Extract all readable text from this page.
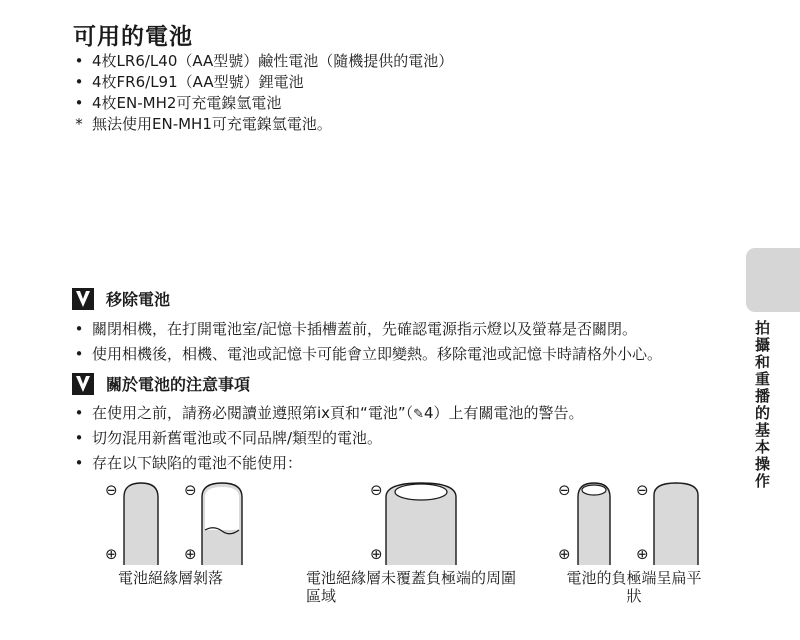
可用的電池
• 4枚LR6/L40（AA型號）鹼性電池（隨機提供的電池）
• 4枚FR6/L91（AA型號）鋰電池
• 4枚EN-MH2可充電鎳氫電池
* 無法使用EN-MH1可充電鎳氫電池。
移除電池
• 關閉相機，在打開電池室/記憶卡插槽蓋前，先確認電源指示燈以及螢幕是否關閉。
• 使用相機後，相機、電池或記憶卡可能會立即變熱。移除電池或記憶卡時請格外小心。
關於電池的注意事項
• 在使用之前，請務必閱讀並遵照第ix頁和“電池”（✎4）上有關電池的警告。
• 切勿混用新舊電池或不同品牌/類型的電池。
• 存在以下缺陷的電池不能使用：
⊖	⊖
⊕	⊕
電池絕緣層剝落
⊖
⊕
電池絕緣層未覆蓋負極端的周圍區域
⊖	⊖
⊕	⊕
電池的負極端呈扁平狀
拍攝和重播的基本操作
